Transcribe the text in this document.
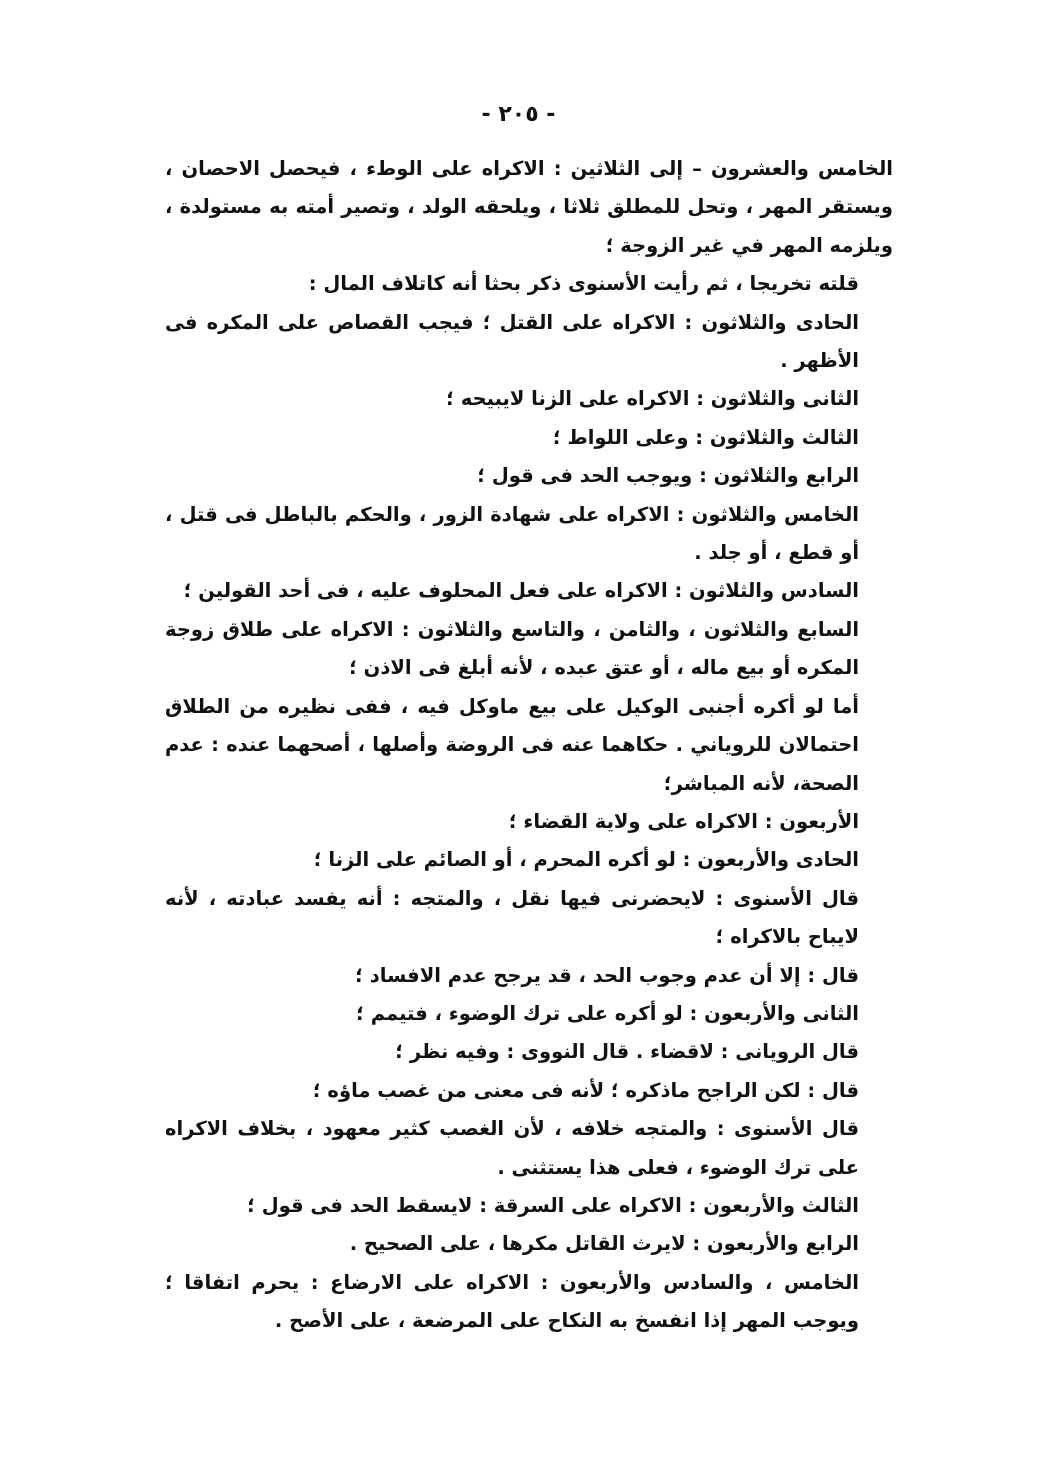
- ٢٠٥ -

الخامس والعشرون – إلى الثلاثين : الاكراه على الوطء ، فيحصل الاحصان ، ويستقر المهر ، وتحل للمطلق ثلاثا ، ويلحقه الولد ، وتصير أمته به مستولدة ، ويلزمه المهر في غير الزوجة ؛

قلته تخريجا ، ثم رأيت الأسنوى ذكر بحثا أنه كاتلاف المال :

الحادى والثلاثون : الاكراه على القتل ؛ فيجب القصاص على المكره فى الأظهر .

الثانى والثلاثون : الاكراه على الزنا لايبيحه ؛

الثالث والثلاثون : وعلى اللواط ؛

الرابع والثلاثون : ويوجب الحد فى قول ؛

الخامس والثلاثون : الاكراه على شهادة الزور ، والحكم بالباطل فى قتل ، أو قطع ، أو جلد .

السادس والثلاثون : الاكراه على فعل المحلوف عليه ، فى أحد القولين ؛

السابع والثلاثون ، والثامن ، والتاسع والثلاثون : الاكراه على طلاق زوجة المكره أو بيع ماله ، أو عتق عبده ، لأنه أبلغ فى الاذن ؛

أما لو أكره أجنبى الوكيل على بيع ماوكل فيه ، ففى نظيره من الطلاق احتمالان للروياني . حكاهما عنه فى الروضة وأصلها ، أصحهما عنده : عدم الصحة، لأنه المباشر؛

الأربعون : الاكراه على ولاية القضاء ؛

الحادى والأربعون : لو أكره المحرم ، أو الصائم على الزنا ؛

قال الأسنوى : لايحضرنى فيها نقل ، والمتجه : أنه يفسد عبادته ، لأنه لايباح بالاكراه ؛

قال : إلا أن عدم وجوب الحد ، قد يرجح عدم الافساد ؛

الثانى والأربعون : لو أكره على ترك الوضوء ، فتيمم ؛

قال الرويانى : لاقضاء . قال النووى : وفيه نظر ؛

قال : لكن الراجح ماذكره ؛ لأنه فى معنى من غصب ماؤه ؛

قال الأسنوى : والمتجه خلافه ، لأن الغصب كثير معهود ، بخلاف الاكراه على ترك الوضوء ، فعلى هذا يستثنى .

الثالث والأربعون : الاكراه على السرقة : لايسقط الحد فى قول ؛

الرابع والأربعون : لايرث القاتل مكرها ، على الصحيح .

الخامس ، والسادس والأربعون : الاكراه على الارضاع : يحرم اتفاقا ؛ ويوجب المهر إذا انفسخ به النكاح على المرضعة ، على الأصح .
